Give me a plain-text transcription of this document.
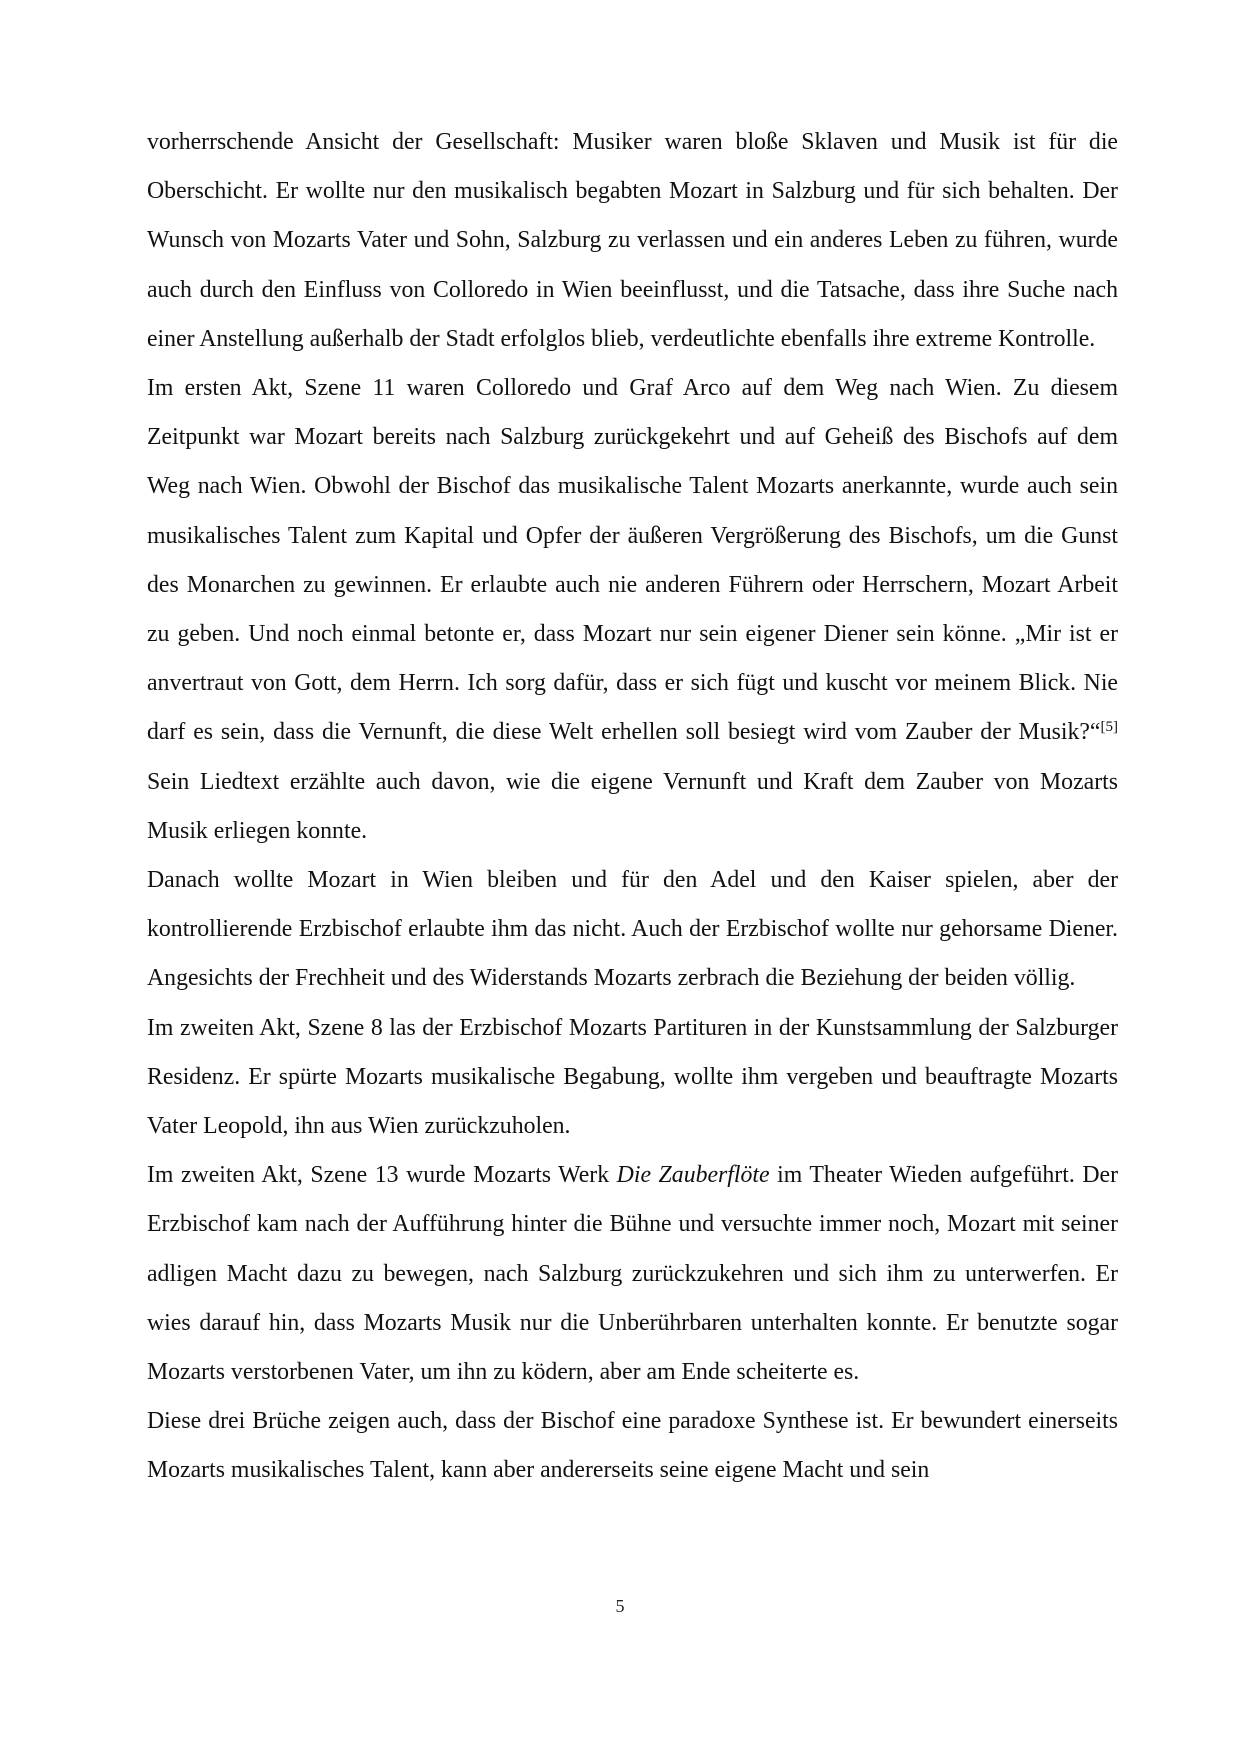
vorherrschende Ansicht der Gesellschaft: Musiker waren bloße Sklaven und Musik ist für die Oberschicht. Er wollte nur den musikalisch begabten Mozart in Salzburg und für sich behalten. Der Wunsch von Mozarts Vater und Sohn, Salzburg zu verlassen und ein anderes Leben zu führen, wurde auch durch den Einfluss von Colloredo in Wien beeinflusst, und die Tatsache, dass ihre Suche nach einer Anstellung außerhalb der Stadt erfolglos blieb, verdeutlichte ebenfalls ihre extreme Kontrolle.

Im ersten Akt, Szene 11 waren Colloredo und Graf Arco auf dem Weg nach Wien. Zu diesem Zeitpunkt war Mozart bereits nach Salzburg zurückgekehrt und auf Geheiß des Bischofs auf dem Weg nach Wien. Obwohl der Bischof das musikalische Talent Mozarts anerkannte, wurde auch sein musikalisches Talent zum Kapital und Opfer der äußeren Vergrößerung des Bischofs, um die Gunst des Monarchen zu gewinnen. Er erlaubte auch nie anderen Führern oder Herrschern, Mozart Arbeit zu geben. Und noch einmal betonte er, dass Mozart nur sein eigener Diener sein könne. „Mir ist er anvertraut von Gott, dem Herrn. Ich sorg dafür, dass er sich fügt und kuscht vor meinem Blick. Nie darf es sein, dass die Vernunft, die diese Welt erhellen soll besiegt wird vom Zauber der Musik?“[5] Sein Liedtext erzählte auch davon, wie die eigene Vernunft und Kraft dem Zauber von Mozarts Musik erliegen konnte.

Danach wollte Mozart in Wien bleiben und für den Adel und den Kaiser spielen, aber der kontrollierende Erzbischof erlaubte ihm das nicht. Auch der Erzbischof wollte nur gehorsame Diener. Angesichts der Frechheit und des Widerstands Mozarts zerbrach die Beziehung der beiden völlig.

Im zweiten Akt, Szene 8 las der Erzbischof Mozarts Partituren in der Kunstsammlung der Salzburger Residenz. Er spürte Mozarts musikalische Begabung, wollte ihm vergeben und beauftragte Mozarts Vater Leopold, ihn aus Wien zurückzuholen.

Im zweiten Akt, Szene 13 wurde Mozarts Werk Die Zauberflöte im Theater Wieden aufgeführt. Der Erzbischof kam nach der Aufführung hinter die Bühne und versuchte immer noch, Mozart mit seiner adligen Macht dazu zu bewegen, nach Salzburg zurückzukehren und sich ihm zu unterwerfen. Er wies darauf hin, dass Mozarts Musik nur die Unberührbaren unterhalten konnte. Er benutzte sogar Mozarts verstorbenen Vater, um ihn zu ködern, aber am Ende scheiterte es.

Diese drei Brüche zeigen auch, dass der Bischof eine paradoxe Synthese ist. Er bewundert einerseits Mozarts musikalisches Talent, kann aber andererseits seine eigene Macht und sein

5
